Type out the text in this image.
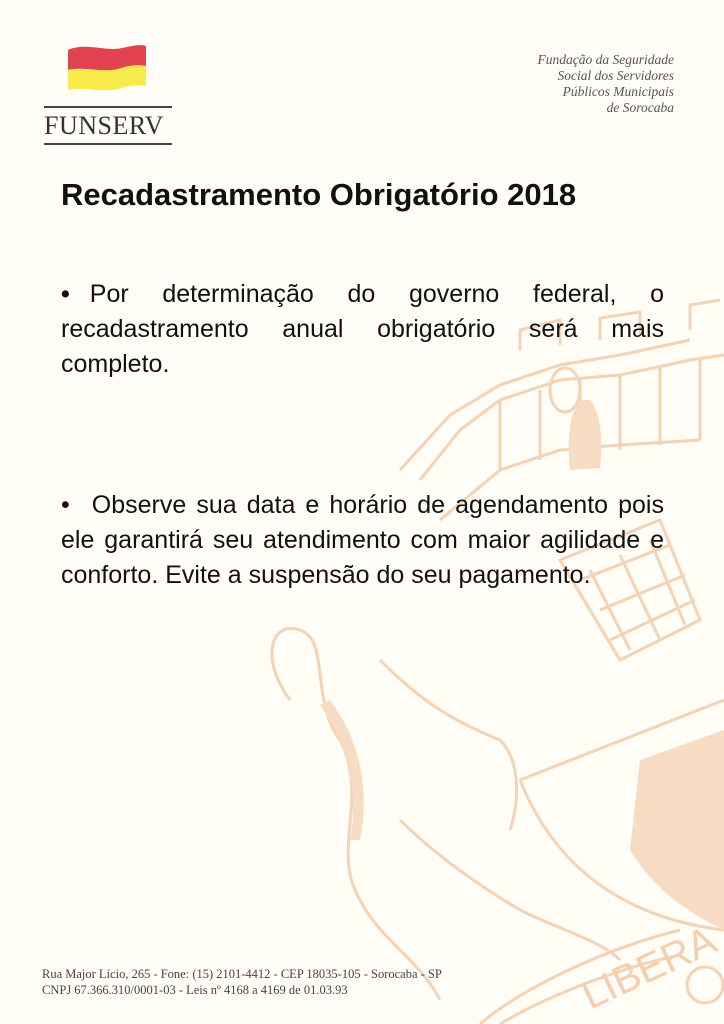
LIBERA
FUNSERV
Fundação da Seguridade
Social dos Servidores
Públicos Municipais
de Sorocaba
Recadastramento Obrigatório 2018
• Por determinação do governo federal, o recadastramento anual obrigatório será mais completo.
• Observe sua data e horário de agendamento pois ele garantirá seu atendimento com maior agilidade e conforto. Evite a suspensão do seu pagamento.
Rua Major Lício, 265 - Fone: (15) 2101-4412 - CEP 18035-105 - Sorocaba - SP
CNPJ 67.366.310/0001-03 - Leis nº 4168 a 4169 de 01.03.93
